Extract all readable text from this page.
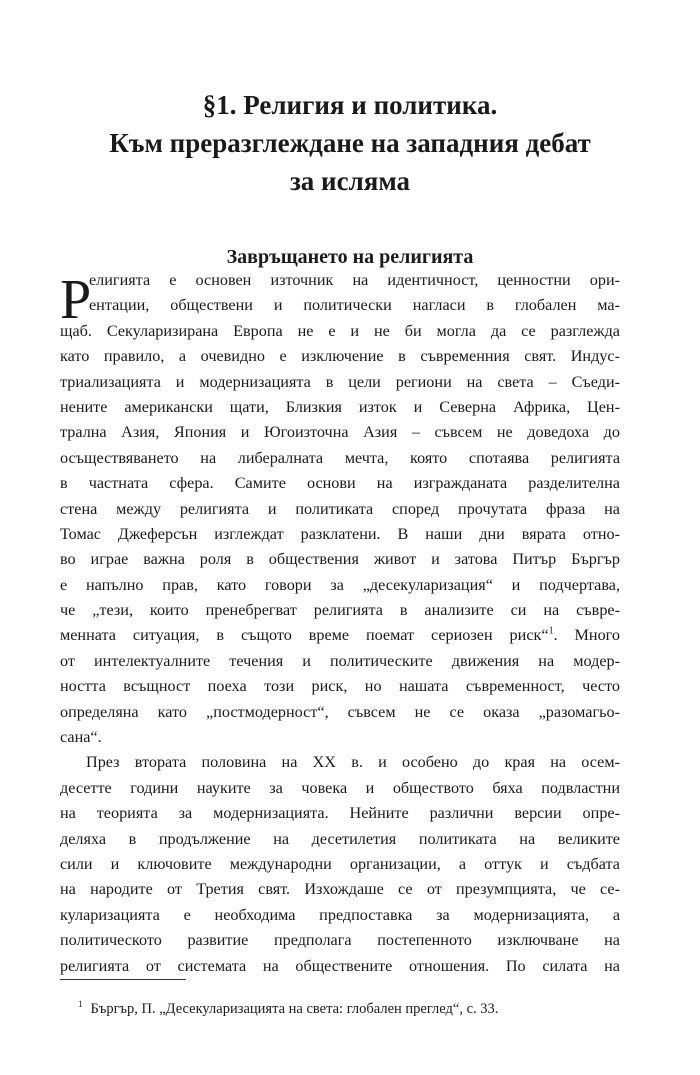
§1. Религия и политика.
Към преразглеждане на западния дебат
за исляма
Завръщането на религията
Р
елигията е основен източник на идентичност, ценностни ори-
ентации, обществени и политически нагласи в глобален ма-
щаб. Секуларизирана Европа не е и не би могла да се разглежда
като правило, а очевидно е изключение в съвременния свят. Индус-
триализацията и модернизацията в цели региони на света – Съеди-
нените американски щати, Близкия изток и Северна Африка, Цен-
трална Азия, Япония и Югоизточна Азия – съвсем не доведоха до
осъществяването на либералната мечта, която спотаява религията
в частната сфера. Самите основи на изгражданата разделителна
стена между религията и политиката според прочутата фраза на
Томас Джеферсън изглеждат разклатени. В наши дни вярата отно-
во играе важна роля в обществения живот и затова Питър Бъргър
е напълно прав, като говори за „десекуларизация“ и подчертава,
че „тези, които пренебрегват религията в анализите си на съвре-
менната ситуация, в същото време поемат сериозен риск“$^1$. Много
от интелектуалните течения и политическите движения на модер-
ността всъщност поеха този риск, но нашата съвременност, често
определяна като „постмодерност“, съвсем не се оказа „разомагьо-
сана“.
През втората половина на XX в. и особено до края на осем-
десетте години науките за човека и обществото бяха подвластни
на теорията за модернизацията. Нейните различни версии опре-
деляха в продължение на десетилетия политиката на великите
сили и ключовите международни организации, а оттук и съдбата
на народите от Третия свят. Изхождаше се от презумпцията, че се-
куларизацията е необходима предпоставка за модернизацията, а
политическото развитие предполага постепенното изключване на
религията от системата на обществените отношения. По силата на
$^1$ Бъргър, П. „Десекуларизацията на света: глобален преглед“, с. 33.
